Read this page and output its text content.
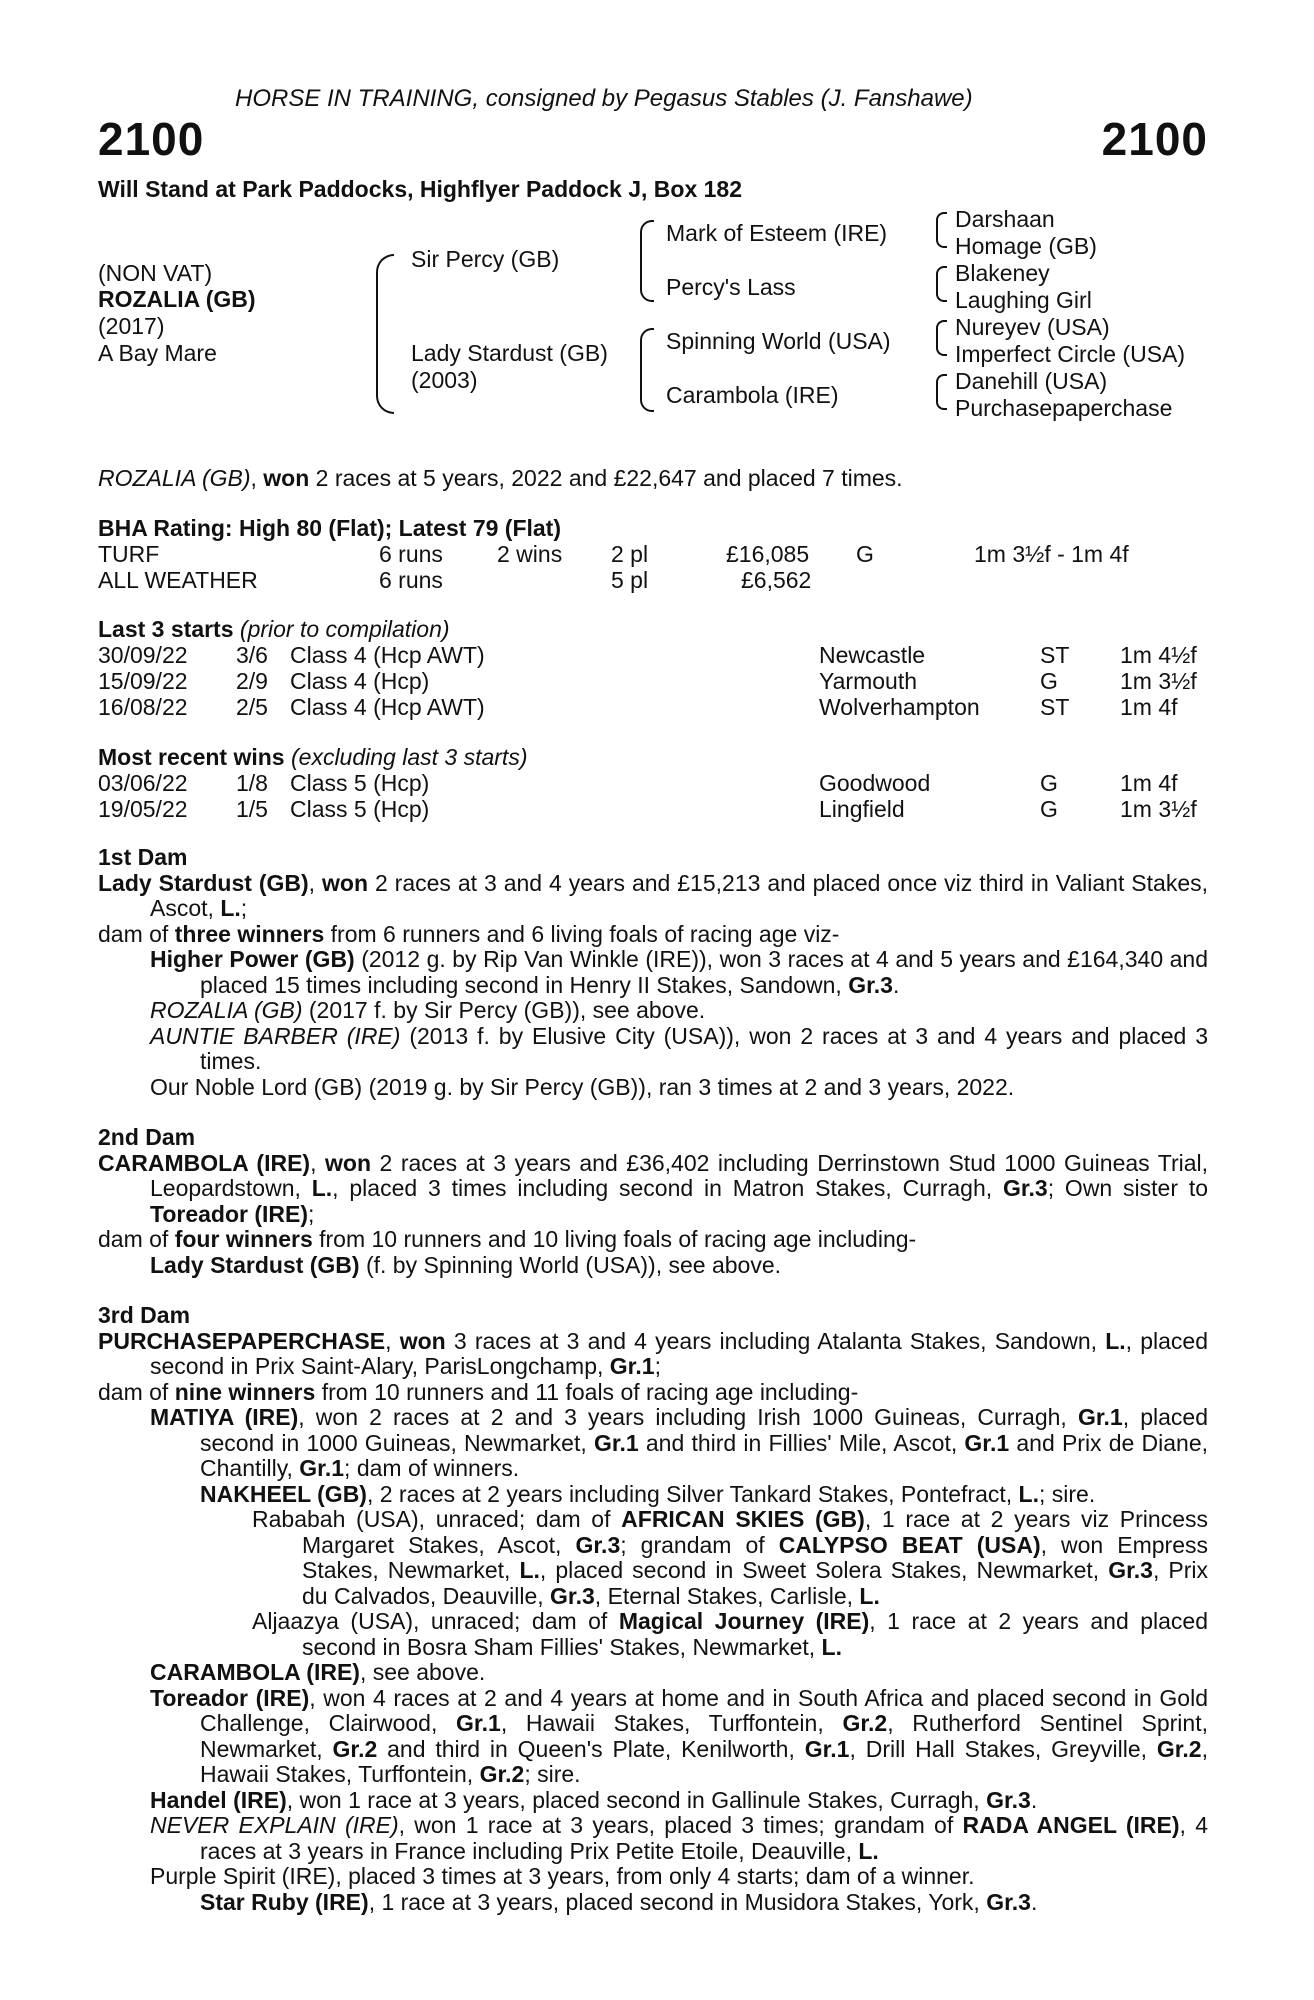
HORSE IN TRAINING, consigned by Pegasus Stables (J. Fanshawe)
2100	2100
Will Stand at Park Paddocks, Highflyer Paddock J, Box 182
(NON VAT)
ROZALIA (GB)
(2017)
A Bay Mare
Sir Percy (GB)
Lady Stardust (GB)
(2003)
Mark of Esteem (IRE)
Percy's Lass
Spinning World (USA)
Carambola (IRE)
Darshaan
Homage (GB)
Blakeney
Laughing Girl
Nureyev (USA)
Imperfect Circle (USA)
Danehill (USA)
Purchasepaperchase
ROZALIA (GB), won 2 races at 5 years, 2022 and £22,647 and placed 7 times.
BHA Rating: High 80 (Flat); Latest 79 (Flat)
TURF	6 runs 2 wins 2 pl	£16,085 G	1m 3½f - 1m 4f
ALL WEATHER	6 runs	5 pl	£6,562
Last 3 starts (prior to compilation)
30/09/22 3/6 Class 4 (Hcp AWT)	Newcastle	ST 1m 4½f
15/09/22 2/9 Class 4 (Hcp)	Yarmouth	G	1m 3½f
16/08/22 2/5 Class 4 (Hcp AWT)	Wolverhampton	ST 1m 4f
Most recent wins (excluding last 3 starts)
03/06/22 1/8 Class 5 (Hcp)	Goodwood	G	1m 4f
19/05/22 1/5 Class 5 (Hcp)	Lingfield	G	1m 3½f

1st Dam

Lady Stardust (GB), won 2 races at 3 and 4 years and £15,213 and placed once viz third in Valiant Stakes, Ascot, L.;

dam of three winners from 6 runners and 6 living foals of racing age viz-

Higher Power (GB) (2012 g. by Rip Van Winkle (IRE)), won 3 races at 4 and 5 years and £164,340 and placed 15 times including second in Henry II Stakes, Sandown, Gr.3.

ROZALIA (GB) (2017 f. by Sir Percy (GB)), see above.

AUNTIE BARBER (IRE) (2013 f. by Elusive City (USA)), won 2 races at 3 and 4 years and placed 3 times.

Our Noble Lord (GB) (2019 g. by Sir Percy (GB)), ran 3 times at 2 and 3 years, 2022.

2nd Dam

CARAMBOLA (IRE), won 2 races at 3 years and £36,402 including Derrinstown Stud 1000 Guineas Trial, Leopardstown, L., placed 3 times including second in Matron Stakes, Curragh, Gr.3; Own sister to Toreador (IRE);

dam of four winners from 10 runners and 10 living foals of racing age including-

Lady Stardust (GB) (f. by Spinning World (USA)), see above.

3rd Dam

PURCHASEPAPERCHASE, won 3 races at 3 and 4 years including Atalanta Stakes, Sandown, L., placed second in Prix Saint-Alary, ParisLongchamp, Gr.1;

dam of nine winners from 10 runners and 11 foals of racing age including-

MATIYA (IRE), won 2 races at 2 and 3 years including Irish 1000 Guineas, Curragh, Gr.1, placed second in 1000 Guineas, Newmarket, Gr.1 and third in Fillies' Mile, Ascot, Gr.1 and Prix de Diane, Chantilly, Gr.1; dam of winners.

NAKHEEL (GB), 2 races at 2 years including Silver Tankard Stakes, Pontefract, L.; sire.

Rababah (USA), unraced; dam of AFRICAN SKIES (GB), 1 race at 2 years viz Princess Margaret Stakes, Ascot, Gr.3; grandam of CALYPSO BEAT (USA), won Empress Stakes, Newmarket, L., placed second in Sweet Solera Stakes, Newmarket, Gr.3, Prix du Calvados, Deauville, Gr.3, Eternal Stakes, Carlisle, L.

Aljaazya (USA), unraced; dam of Magical Journey (IRE), 1 race at 2 years and placed second in Bosra Sham Fillies' Stakes, Newmarket, L.

CARAMBOLA (IRE), see above.

Toreador (IRE), won 4 races at 2 and 4 years at home and in South Africa and placed second in Gold Challenge, Clairwood, Gr.1, Hawaii Stakes, Turffontein, Gr.2, Rutherford Sentinel Sprint, Newmarket, Gr.2 and third in Queen's Plate, Kenilworth, Gr.1, Drill Hall Stakes, Greyville, Gr.2, Hawaii Stakes, Turffontein, Gr.2; sire.

Handel (IRE), won 1 race at 3 years, placed second in Gallinule Stakes, Curragh, Gr.3.

NEVER EXPLAIN (IRE), won 1 race at 3 years, placed 3 times; grandam of RADA ANGEL (IRE), 4 races at 3 years in France including Prix Petite Etoile, Deauville, L.

Purple Spirit (IRE), placed 3 times at 3 years, from only 4 starts; dam of a winner.

Star Ruby (IRE), 1 race at 3 years, placed second in Musidora Stakes, York, Gr.3.
